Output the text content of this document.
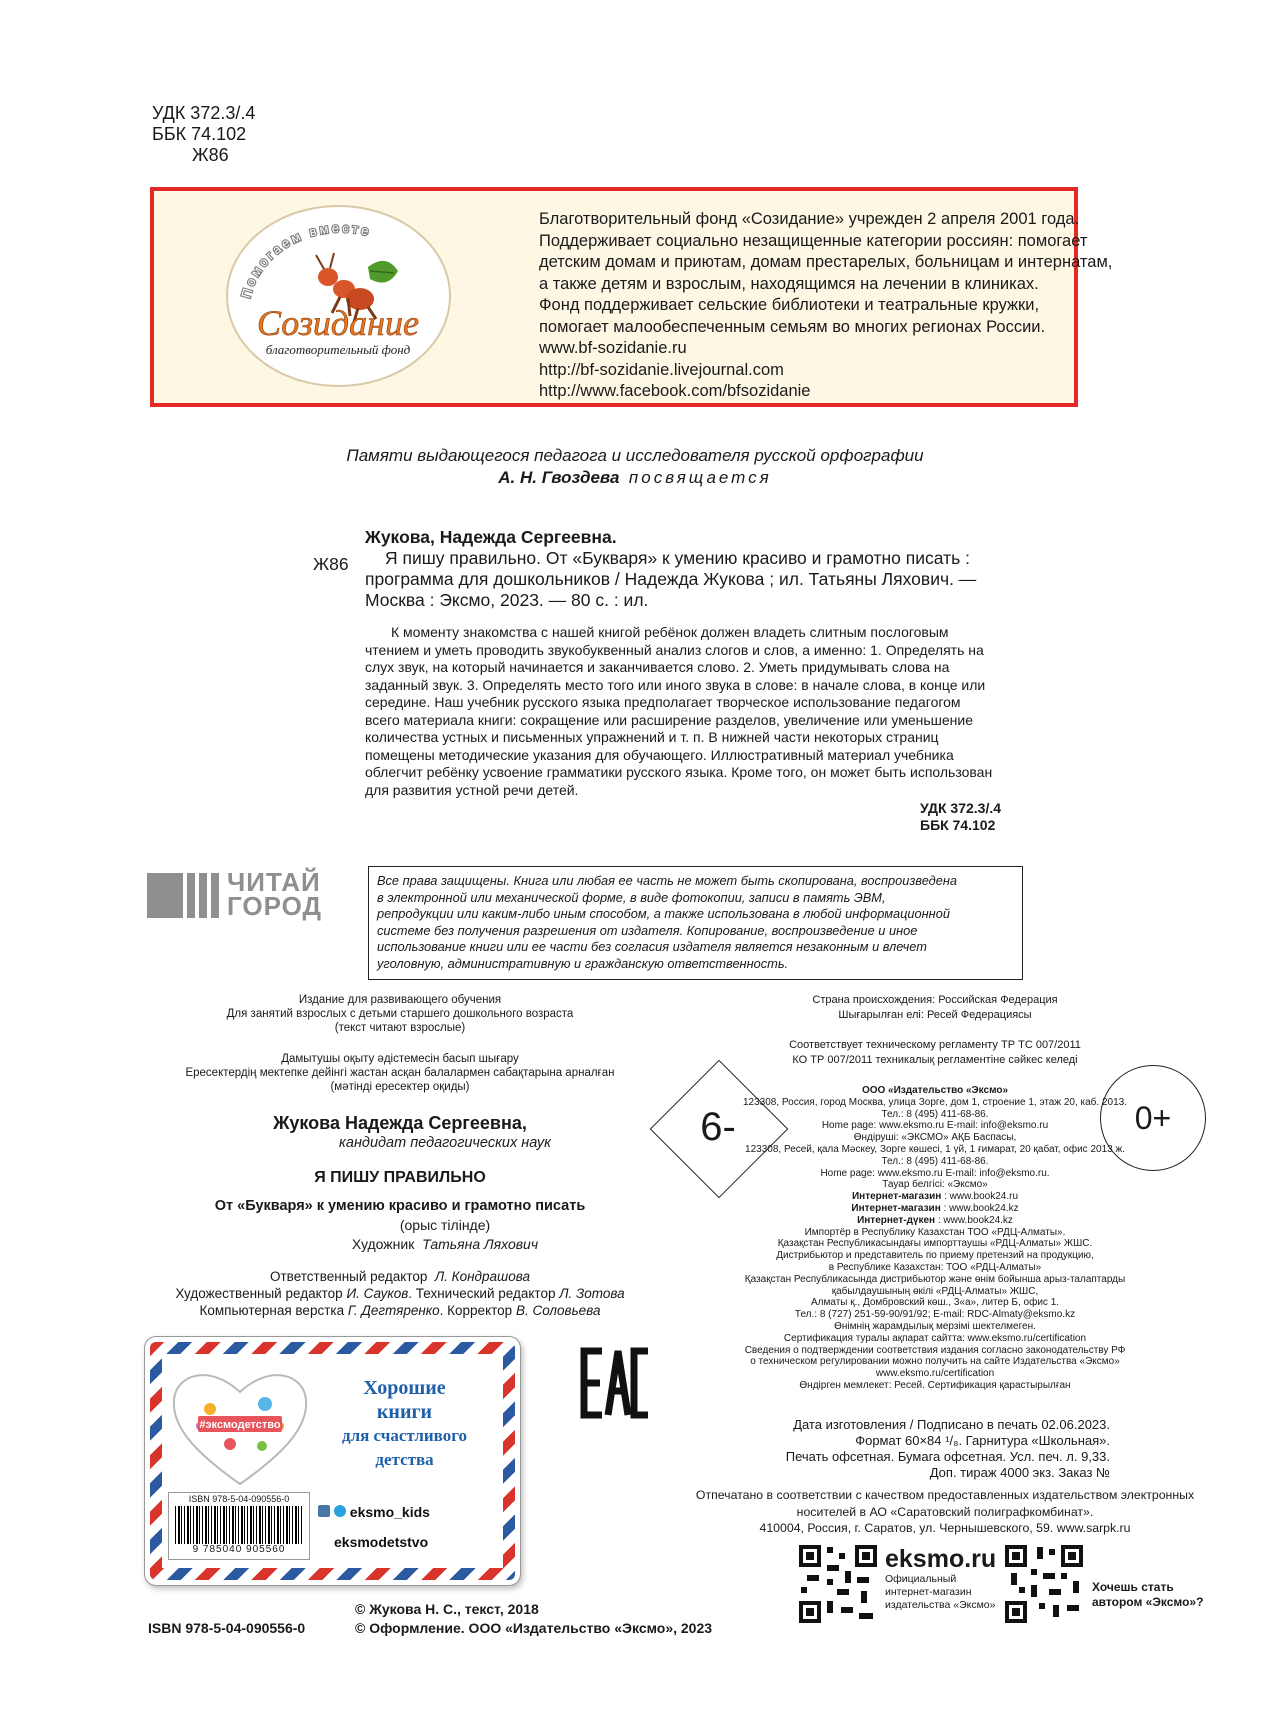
УДК 372.3/.4
ББК 74.102
Ж86
Помогаем вместе
Созидание
благотворительный фонд
Благотворительный фонд «Созидание» учрежден 2 апреля 2001 года.
Поддерживает социально незащищенные категории россиян: помогает
детским домам и приютам, домам престарелых, больницам и интернатам,
а также детям и взрослым, находящимся на лечении в клиниках.
Фонд поддерживает сельские библиотеки и театральные кружки,
помогает малообеспеченным семьям во многих регионах России.
www.bf-sozidanie.ru
http://bf-sozidanie.livejournal.com
http://www.facebook.com/bfsozidanie
Памяти выдающегося педагога и исследователя русской орфографии
А. Н. Гвоздева посвящается
Ж86
Жукова, Надежда Сергеевна.
Я пишу правильно. От «Букваря» к умению красиво и грамотно писать :
программа для дошкольников / Надежда Жукова ; ил. Татьяны Ляхович. —
Москва : Эксмо, 2023. — 80 с. : ил.
К моменту знакомства с нашей книгой ребёнок должен владеть слитным послоговым
чтением и уметь проводить звукобуквенный анализ слогов и слов, а именно: 1. Определять на
слух звук, на который начинается и заканчивается слово. 2. Уметь придумывать слова на
заданный звук. 3. Определять место того или иного звука в слове: в начале слова, в конце или
середине. Наш учебник русского языка предполагает творческое использование педагогом
всего материала книги: сокращение или расширение разделов, увеличение или уменьшение
количества устных и письменных упражнений и т. п. В нижней части некоторых страниц
помещены методические указания для обучающего. Иллюстративный материал учебника
облегчит ребёнку усвоение грамматики русского языка. Кроме того, он может быть использован
для развития устной речи детей.
УДК 372.3/.4
ББК 74.102
ЧИТАЙ
ГОРОД
Все права защищены. Книга или любая ее часть не может быть скопирована, воспроизведена
в электронной или механической форме, в виде фотокопии, записи в память ЭВМ,
репродукции или каким-либо иным способом, а также использована в любой информационной
системе без получения разрешения от издателя. Копирование, воспроизведение и иное
использование книги или ее части без согласия издателя является незаконным и влечет
уголовную, административную и гражданскую ответственность.
Издание для развивающего обучения
Для занятий взрослых с детьми старшего дошкольного возраста
(текст читают взрослые)
Дамытушы оқыту әдістемесін басып шығару
Ересектердің мектепке дейінгі жастан асқан балалармен сабақтарына арналған
(мәтінді ересектер оқиды)
Жукова Надежда Сергеевна,
кандидат педагогических наук
Я ПИШУ ПРАВИЛЬНО
От «Букваря» к умению красиво и грамотно писать
(орыс тілінде)
Художник Татьяна Ляхович
Ответственный редактор Л. Кондрашова
Художественный редактор И. Сауков. Технический редактор Л. Зотова
Компьютерная верстка Г. Дегтяренко. Корректор В. Соловьева
6-	0+
Страна происхождения: Российская Федерация
Шығарылған елі: Ресей Федерациясы
Соответствует техническому регламенту ТР ТС 007/2011
КО ТР 007/2011 техникалық регламентіне сәйкес келеді
ООО «Издательство «Эксмо»
123308, Россия, город Москва, улица Зорге, дом 1, строение 1, этаж 20, каб. 2013.
Тел.: 8 (495) 411-68-86.
Home page: www.eksmo.ru E-mail: info@eksmo.ru
Өндіруші: «ЭКСМО» АҚБ Баспасы,
123308, Ресей, қала Мәскеу, Зорге көшесі, 1 үй, 1 ғимарат, 20 қабат, офис 2013 ж.
Тел.: 8 (495) 411-68-86.
Home page: www.eksmo.ru E-mail: info@eksmo.ru.
Тауар белгісі: «Эксмо»
Интернет-магазин : www.book24.ru
Интернет-магазин : www.book24.kz
Интернет-дүкен : www.book24.kz
Импортёр в Республику Казахстан ТОО «РДЦ-Алматы».
Қазақстан Республикасындағы импорттаушы «РДЦ-Алматы» ЖШС.
Дистрибьютор и представитель по приему претензий на продукцию,
в Республике Казахстан: ТОО «РДЦ-Алматы»
Қазақстан Республикасында дистрибьютор және өнім бойынша арыз-талаптарды
қабылдаушының өкілі «РДЦ-Алматы» ЖШС,
Алматы қ., Домбровский көш., 3«а», литер Б, офис 1.
Тел.: 8 (727) 251-59-90/91/92; E-mail: RDC-Almaty@eksmo.kz
Өнімнің жарамдылық мерзімі шектелмеген.
Сертификация туралы ақпарат сайтта: www.eksmo.ru/certification
Сведения о подтверждении соответствия издания согласно законодательству РФ
о техническом регулировании можно получить на сайте Издательства «Эксмо»
www.eksmo.ru/certification
Өндірген мемлекет: Ресей. Сертификация қарастырылған
Дата изготовления / Подписано в печать 02.06.2023.
Формат 60×84 ¹/₈. Гарнитура «Школьная».
Печать офсетная. Бумага офсетная. Усл. печ. л. 9,33.
Доп. тираж 4000 экз. Заказ №
Отпечатано в соответствии с качеством предоставленных издательством электронных
носителей в АО «Саратовский полиграфкомбинат».
410004, Россия, г. Саратов, ул. Чернышевского, 59. www.sarpk.ru
#эксмодетство
Хорошие
книги
для счастливого
детства
ISBN 978-5-04-090556-0
9 785040 905560
eksmo_kids
eksmodetstvo
eksmo.ru
Официальный
интернет-магазин
издательства «Эксмо»
Хочешь стать
автором «Эксмо»?
ISBN 978-5-04-090556-0
© Жукова Н. С., текст, 2018
© Оформление. ООО «Издательство «Эксмо», 2023
